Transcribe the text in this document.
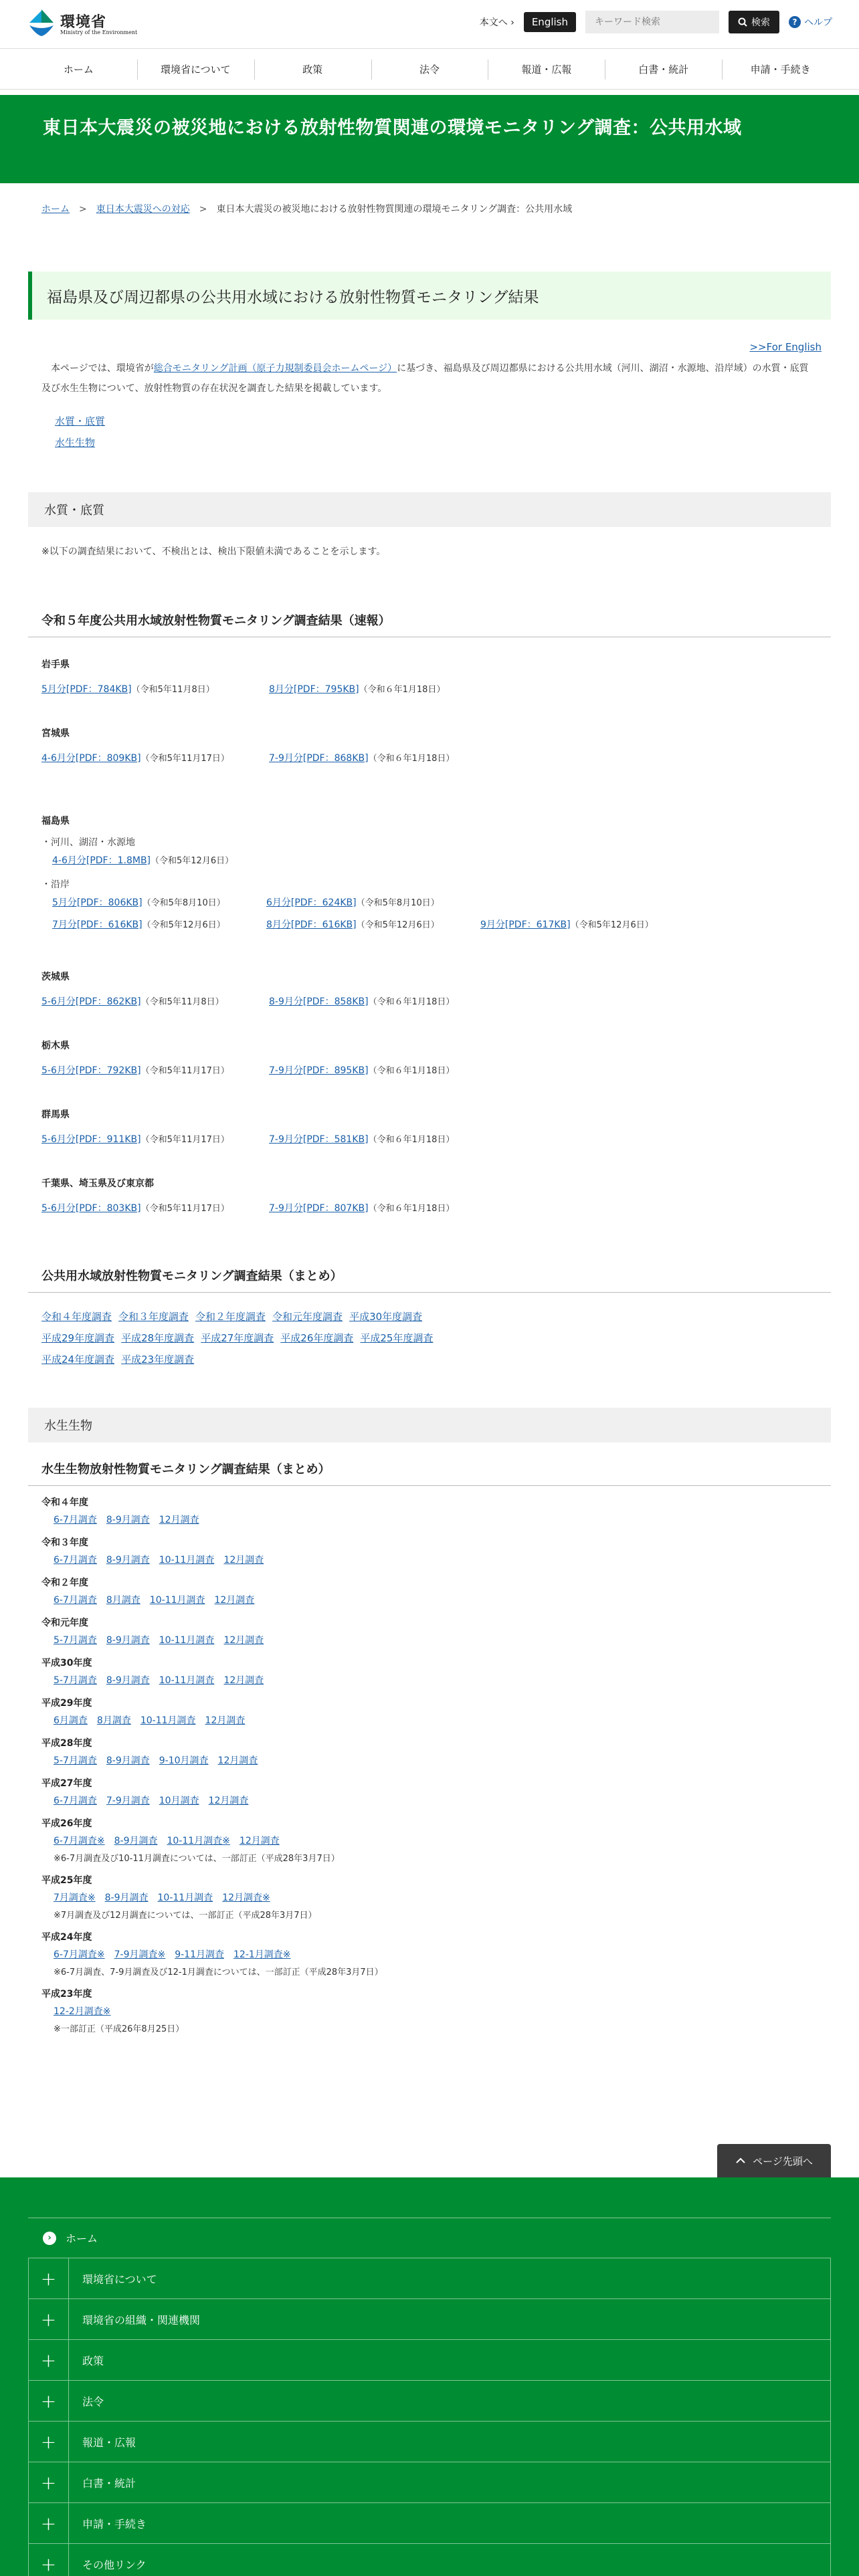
環境省
Ministry of the Environment
本文へ ›	English
キーワード検索	検索	? ヘルプ
ホーム	環境省について	政策	法令	報道・広報	白書・統計	申請・手続き
東日本大震災の被災地における放射性物質関連の環境モニタリング調査：公共用水域
ホーム > 東日本大震災への対応 > 東日本大震災の被災地における放射性物質関連の環境モニタリング調査：公共用水域
福島県及び周辺都県の公共用水域における放射性物質モニタリング結果
>>For English

本ページでは、環境省が総合モニタリング計画（原子力規制委員会ホームページ）に基づき、福島県及び周辺都県における公共用水域（河川、湖沼・水源地、沿岸域）の水質・底質及び水生生物について、放射性物質の存在状況を調査した結果を掲載しています。

水質・底質
水生生物
水質・底質

※以下の調査結果において、不検出とは、検出下限値未満であることを示します。

令和５年度公共用水域放射性物質モニタリング調査結果（速報）
岩手県
5月分[PDF：784KB]（令和5年11月8日）	8月分[PDF：795KB]（令和６年1月18日）
宮城県
4-6月分[PDF：809KB]（令和5年11月17日）	7-9月分[PDF：868KB]（令和６年1月18日）
福島県
・河川、湖沼・水源地
4-6月分[PDF：1.8MB]（令和5年12月6日）
・沿岸
5月分[PDF：806KB]（令和5年8月10日）	6月分[PDF：624KB]（令和5年8月10日）
7月分[PDF：616KB]（令和5年12月6日）	8月分[PDF：616KB]（令和5年12月6日）	9月分[PDF：617KB]（令和5年12月6日）
茨城県
5-6月分[PDF：862KB]（令和5年11月8日）	8-9月分[PDF：858KB]（令和６年1月18日）
栃木県
5-6月分[PDF：792KB]（令和5年11月17日）	7-9月分[PDF：895KB]（令和６年1月18日）
群馬県
5-6月分[PDF：911KB]（令和5年11月17日）	7-9月分[PDF：581KB]（令和６年1月18日）
千葉県、埼玉県及び東京都
5-6月分[PDF：803KB]（令和5年11月17日）	7-9月分[PDF：807KB]（令和６年1月18日）
公共用水域放射性物質モニタリング調査結果（まとめ）
令和４年度調査 令和３年度調査 令和２年度調査 令和元年度調査 平成30年度調査平成29年度調査 平成28年度調査 平成27年度調査 平成26年度調査 平成25年度調査平成24年度調査 平成23年度調査
水生生物
水生生物放射性物質モニタリング調査結果（まとめ）
令和４年度
6-7月調査 8-9月調査 12月調査
令和３年度
6-7月調査 8-9月調査 10-11月調査 12月調査
令和２年度
6-7月調査 8月調査 10-11月調査 12月調査
令和元年度
5-7月調査 8-9月調査 10-11月調査 12月調査
平成30年度
5-7月調査 8-9月調査 10-11月調査 12月調査
平成29年度
6月調査 8月調査 10-11月調査 12月調査
平成28年度
5-7月調査 8-9月調査 9-10月調査 12月調査
平成27年度
6-7月調査 7-9月調査 10月調査 12月調査
平成26年度
6-7月調査※ 8-9月調査 10-11月調査※ 12月調査
※6-7月調査及び10-11月調査については、一部訂正（平成28年3月7日）
平成25年度
7月調査※ 8-9月調査 10-11月調査 12月調査※
※7月調査及び12月調査については、一部訂正（平成28年3月7日）
平成24年度
6-7月調査※ 7-9月調査※ 9-11月調査 12-1月調査※
※6-7月調査、7-9月調査及び12-1月調査については、一部訂正（平成28年3月7日）
平成23年度
12-2月調査※
※一部訂正（平成26年8月25日）
ページ先頭へ
›	ホーム
+	環境省について
+	環境省の組織・関連機関
+	政策
+	法令
+	報道・広報
+	白書・統計
+	申請・手続き
+	その他リンク
